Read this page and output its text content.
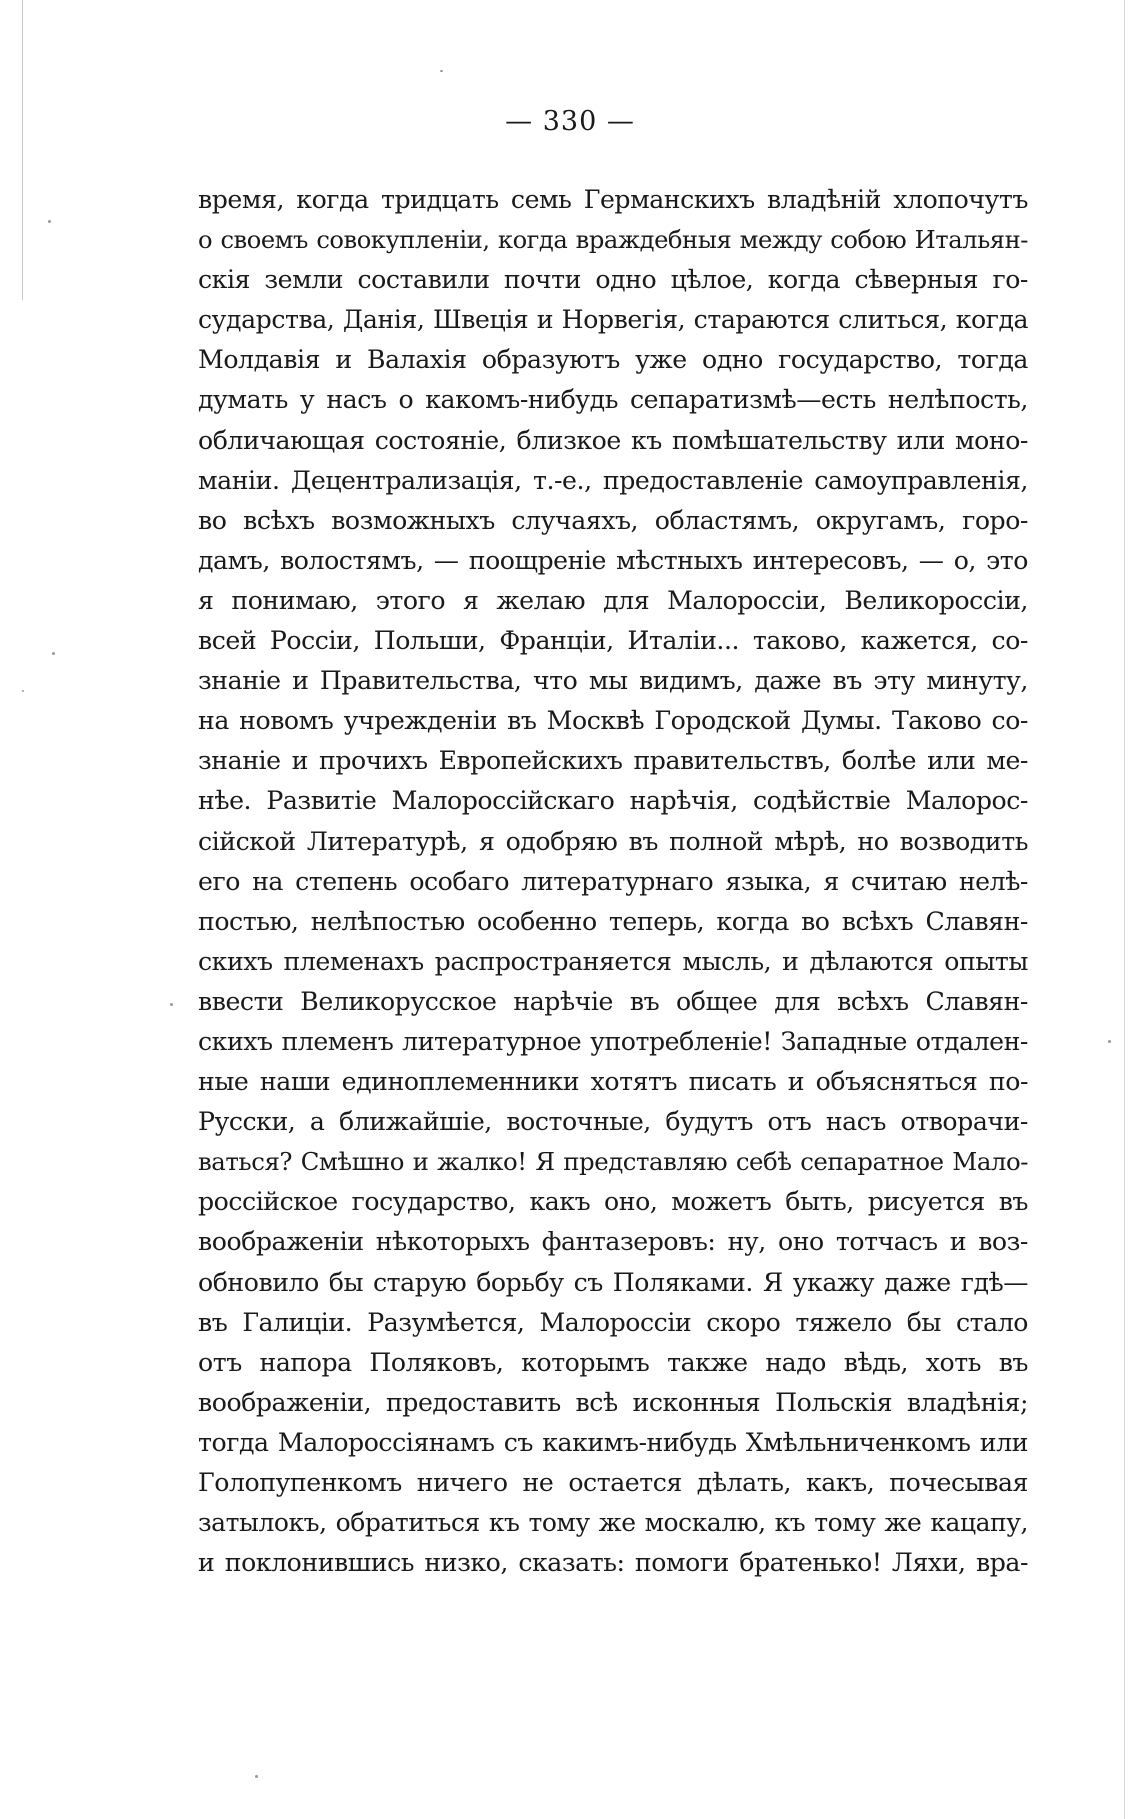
— 330 —
время, когда тридцать семь Германскихъ владѣній хлопочутъ
о своемъ совокупленіи, когда враждебныя между собою Итальян-
скія земли составили почти одно цѣлое, когда сѣверныя го-
сударства, Данія, Швеція и Норвегія, стараются слиться, когда
Молдавія и Валахія образуютъ уже одно государство, тогда
думать у насъ о какомъ-нибудь сепаратизмѣ—есть нелѣпость,
обличающая состояніе, близкое къ помѣшательству или моно-
маніи. Децентрализація, т.-е., предоставленіе самоуправленія,
во всѣхъ возможныхъ случаяхъ, областямъ, округамъ, горо-
дамъ, волостямъ, — поощреніе мѣстныхъ интересовъ, — о, это
я понимаю, этого я желаю для Малороссіи, Великороссіи,
всей Россіи, Польши, Франціи, Италіи... таково, кажется, со-
знаніе и Правительства, что мы видимъ, даже въ эту минуту,
на новомъ учрежденіи въ Москвѣ Городской Думы. Таково со-
знаніе и прочихъ Европейскихъ правительствъ, болѣе или ме-
нѣе. Развитіе Малороссійскаго нарѣчія, содѣйствіе Малорос-
сійской Литературѣ, я одобряю въ полной мѣрѣ, но возводить
его на степень особаго литературнаго языка, я считаю нелѣ-
постью, нелѣпостью особенно теперь, когда во всѣхъ Славян-
скихъ племенахъ распространяется мысль, и дѣлаются опыты
ввести Великорусское нарѣчіе въ общее для всѣхъ Славян-
скихъ племенъ литературное употребленіе! Западные отдален-
ные наши единоплеменники хотятъ писать и объясняться по-
Русски, а ближайшіе, восточные, будутъ отъ насъ отворачи-
ваться? Смѣшно и жалко! Я представляю себѣ сепаратное Мало-
россійское государство, какъ оно, можетъ быть, рисуется въ
воображеніи нѣкоторыхъ фантазеровъ: ну, оно тотчасъ и воз-
обновило бы старую борьбу съ Поляками. Я укажу даже гдѣ—
въ Галиціи. Разумѣется, Малороссіи скоро тяжело бы стало
отъ напора Поляковъ, которымъ также надо вѣдь, хоть въ
воображеніи, предоставить всѣ исконныя Польскія владѣнія;
тогда Малороссіянамъ съ какимъ-нибудь Хмѣльниченкомъ или
Голопупенкомъ ничего не остается дѣлать, какъ, почесывая
затылокъ, обратиться къ тому же москалю, къ тому же кацапу,
и поклонившись низко, сказать: помоги братенько! Ляхи, вра-
